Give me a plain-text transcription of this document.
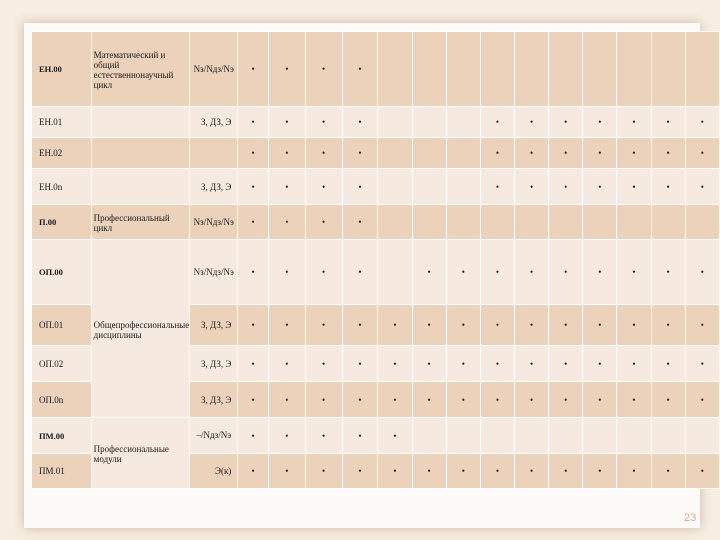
ЕН.00	Математический и общий естественнонаучный цикл	Nз/Nдз/Nэ	•	•	•	•										
ЕН.01		З, ДЗ, Э	•	•	•	•				•	•	•	•	•	•	•
ЕН.02			•	•	•	•				•	•	•	•	•	•	•
ЕН.0n		З, ДЗ, Э	•	•	•	•				•	•	•	•	•	•	•
П.00	Профессиональный цикл	Nз/Nдз/Nэ	•	•	•	•										
ОП.00	Общепрофессиональные дисциплины	Nз/Nдз/Nэ	•	•	•	•		•	•	•	•	•	•	•	•	•
ОП.01		З, ДЗ, Э	•	•	•	•	•	•	•	•	•	•	•	•	•	•
ОП.02		З, ДЗ, Э	•	•	•	•	•	•	•	•	•	•	•	•	•	•
ОП.0n		З, ДЗ, Э	•	•	•	•	•	•	•	•	•	•	•	•	•	•
ПМ.00	Профессиональные модули	–/Nдз/Nэ	•	•	•	•	•									
ПМ.01		Э(к)	•	•	•	•	•	•	•	•	•	•	•	•	•	•
23
